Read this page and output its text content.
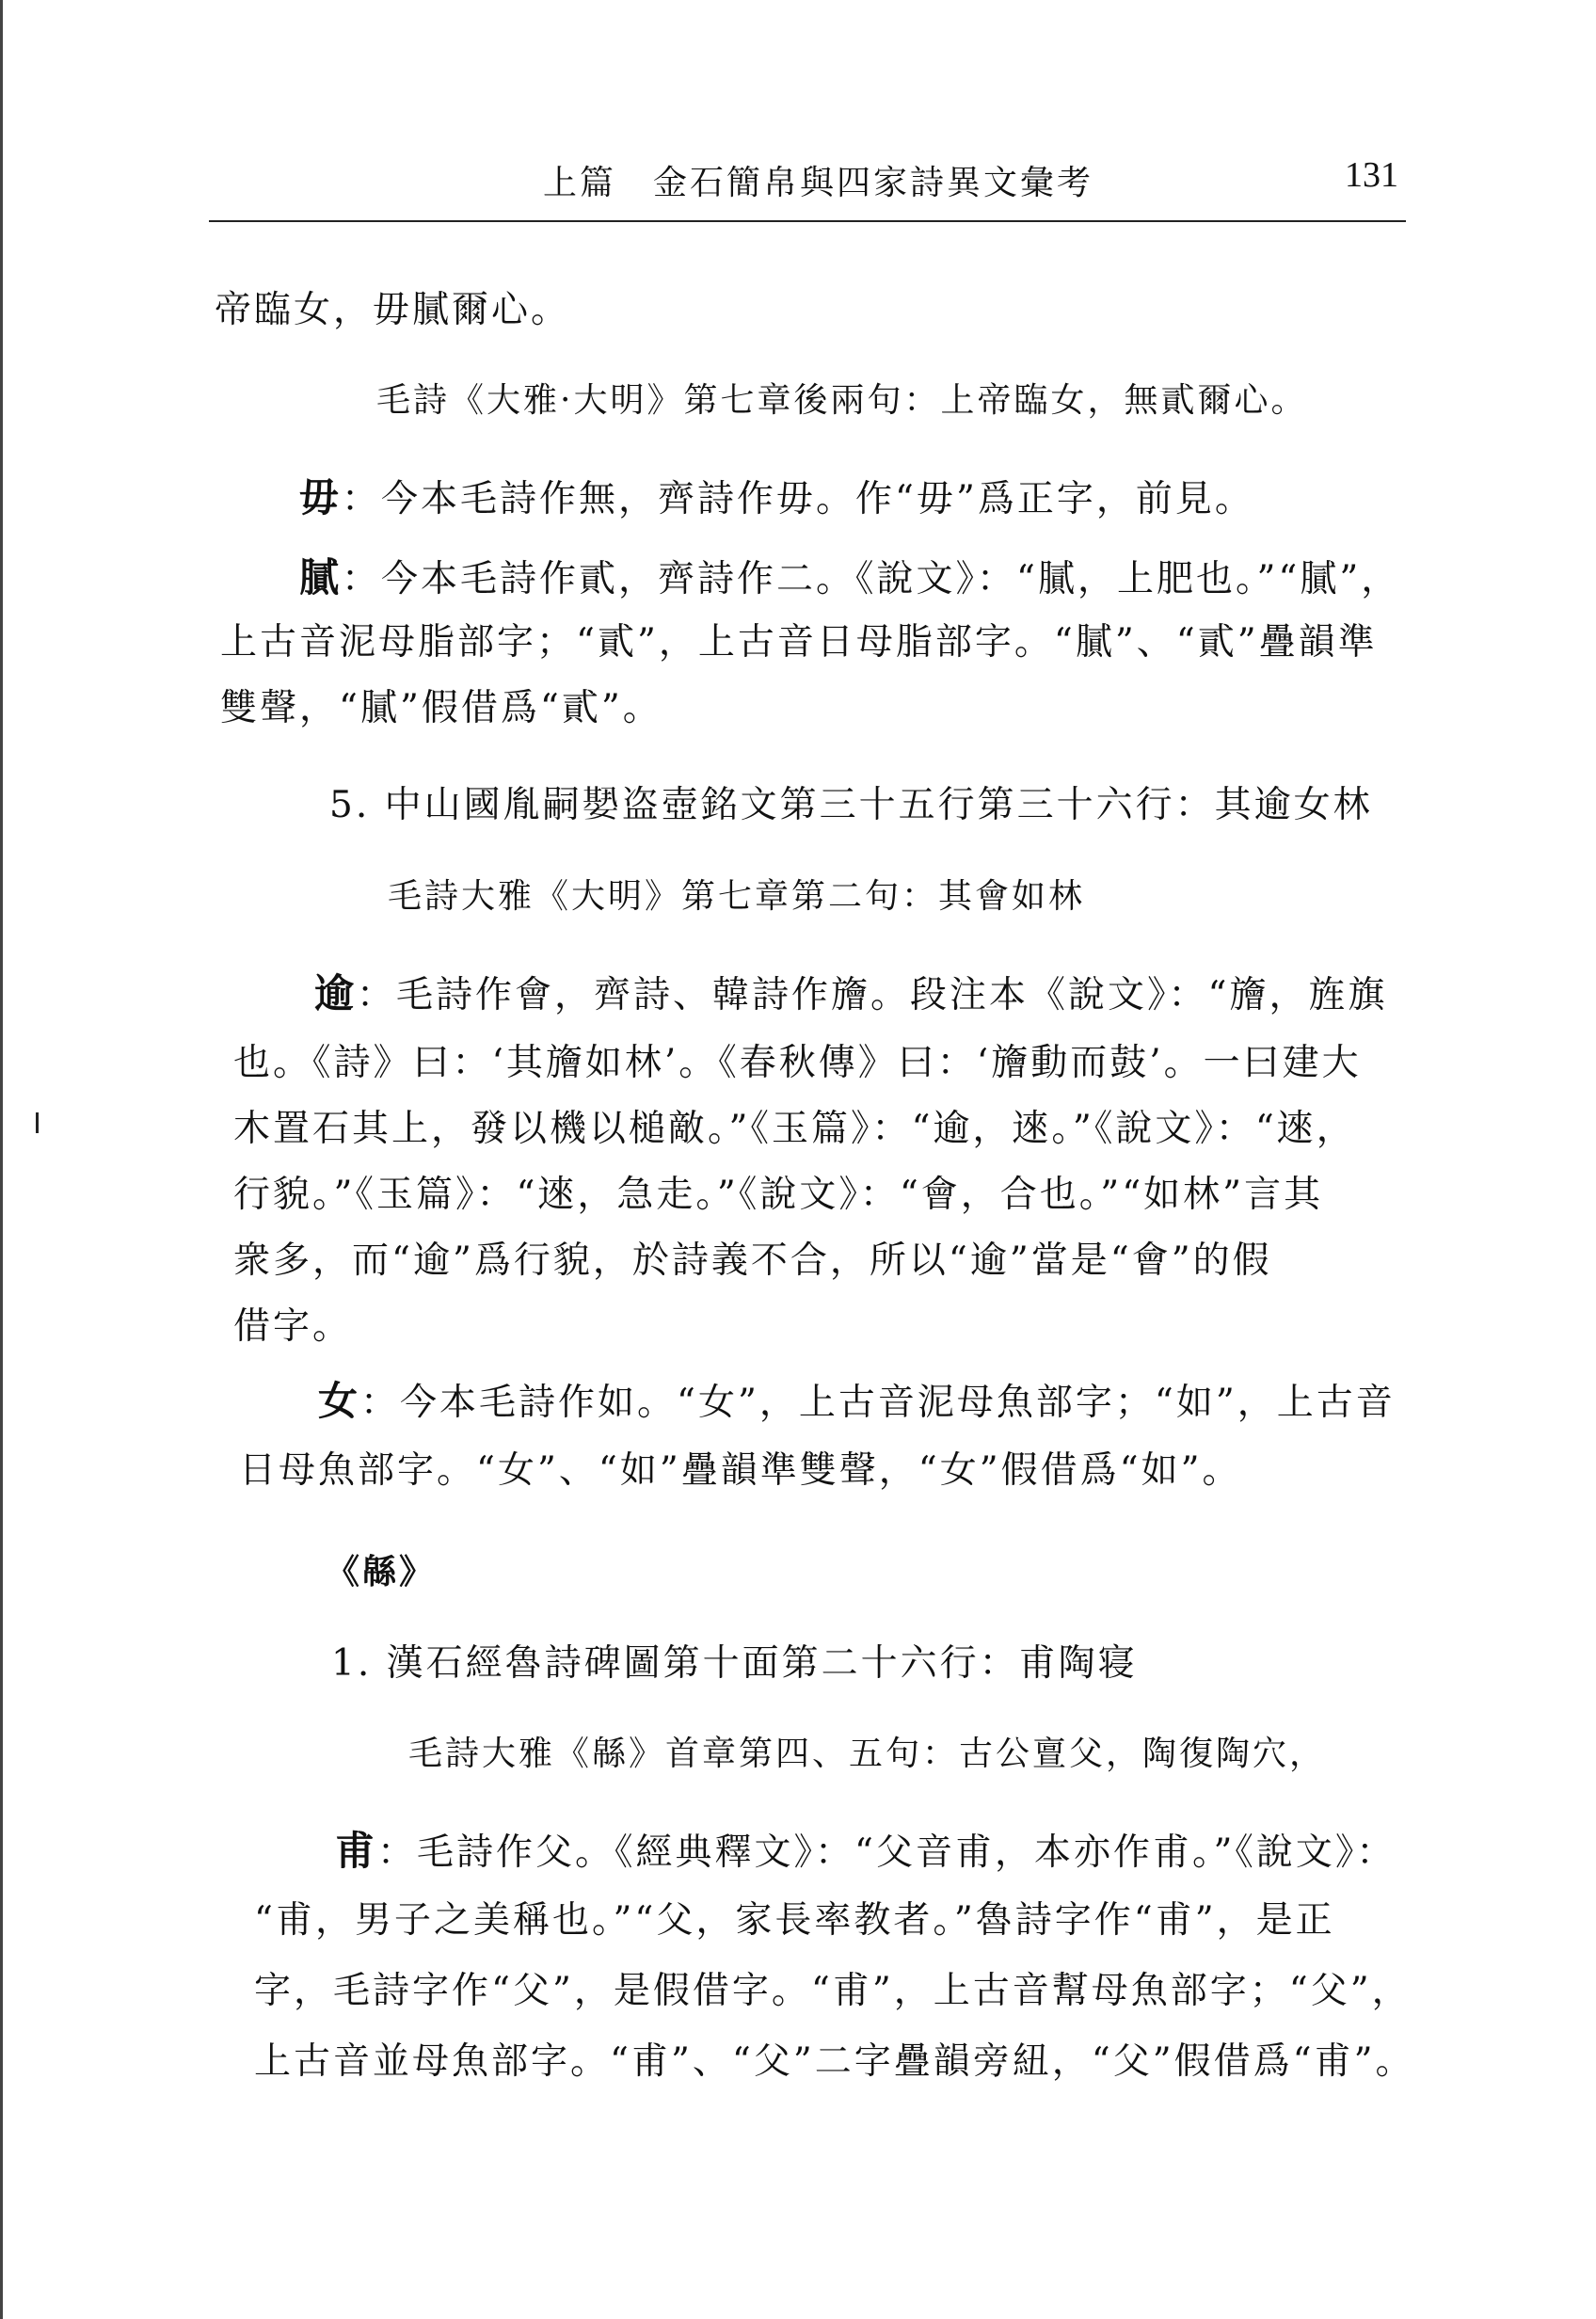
上篇　金石簡帛與四家詩異文彙考	131
帝臨女，毋膩爾心。
毛詩《大雅·大明》第七章後兩句：上帝臨女，無貳爾心。
毋：今本毛詩作無，齊詩作毋。作“毋”爲正字，前見。
膩：今本毛詩作貳，齊詩作二。《說文》：“膩，上肥也。”“膩”，
上古音泥母脂部字；“貳”，上古音日母脂部字。“膩”、“貳”疊韻準
雙聲，“膩”假借爲“貳”。
5. 中山國胤嗣𡢁盗壺銘文第三十五行第三十六行：其逾女林
毛詩大雅《大明》第七章第二句：其會如林
逾：毛詩作會，齊詩、韓詩作旝。段注本《說文》：“旝，旌旗
也。《詩》曰：‘其旝如林’。《春秋傳》曰：‘旝動而鼓’。一曰建大
木置石其上，發以機以槌敵。”《玉篇》：“逾，逨。”《說文》：“逨，
行貌。”《玉篇》：“逨，急走。”《說文》：“會，合也。”“如林”言其
衆多，而“逾”爲行貌，於詩義不合，所以“逾”當是“會”的假
借字。
女：今本毛詩作如。“女”，上古音泥母魚部字；“如”，上古音
日母魚部字。“女”、“如”疊韻準雙聲，“女”假借爲“如”。
《緜》
1. 漢石經魯詩碑圖第十面第二十六行：甫陶寝
毛詩大雅《緜》首章第四、五句：古公亶父，陶復陶穴，
甫：毛詩作父。《經典釋文》：“父音甫，本亦作甫。”《說文》：
“甫，男子之美稱也。”“父，家長率教者。”魯詩字作“甫”，是正
字，毛詩字作“父”，是假借字。“甫”，上古音幫母魚部字；“父”，
上古音並母魚部字。“甫”、“父”二字疊韻旁紐，“父”假借爲“甫”。
